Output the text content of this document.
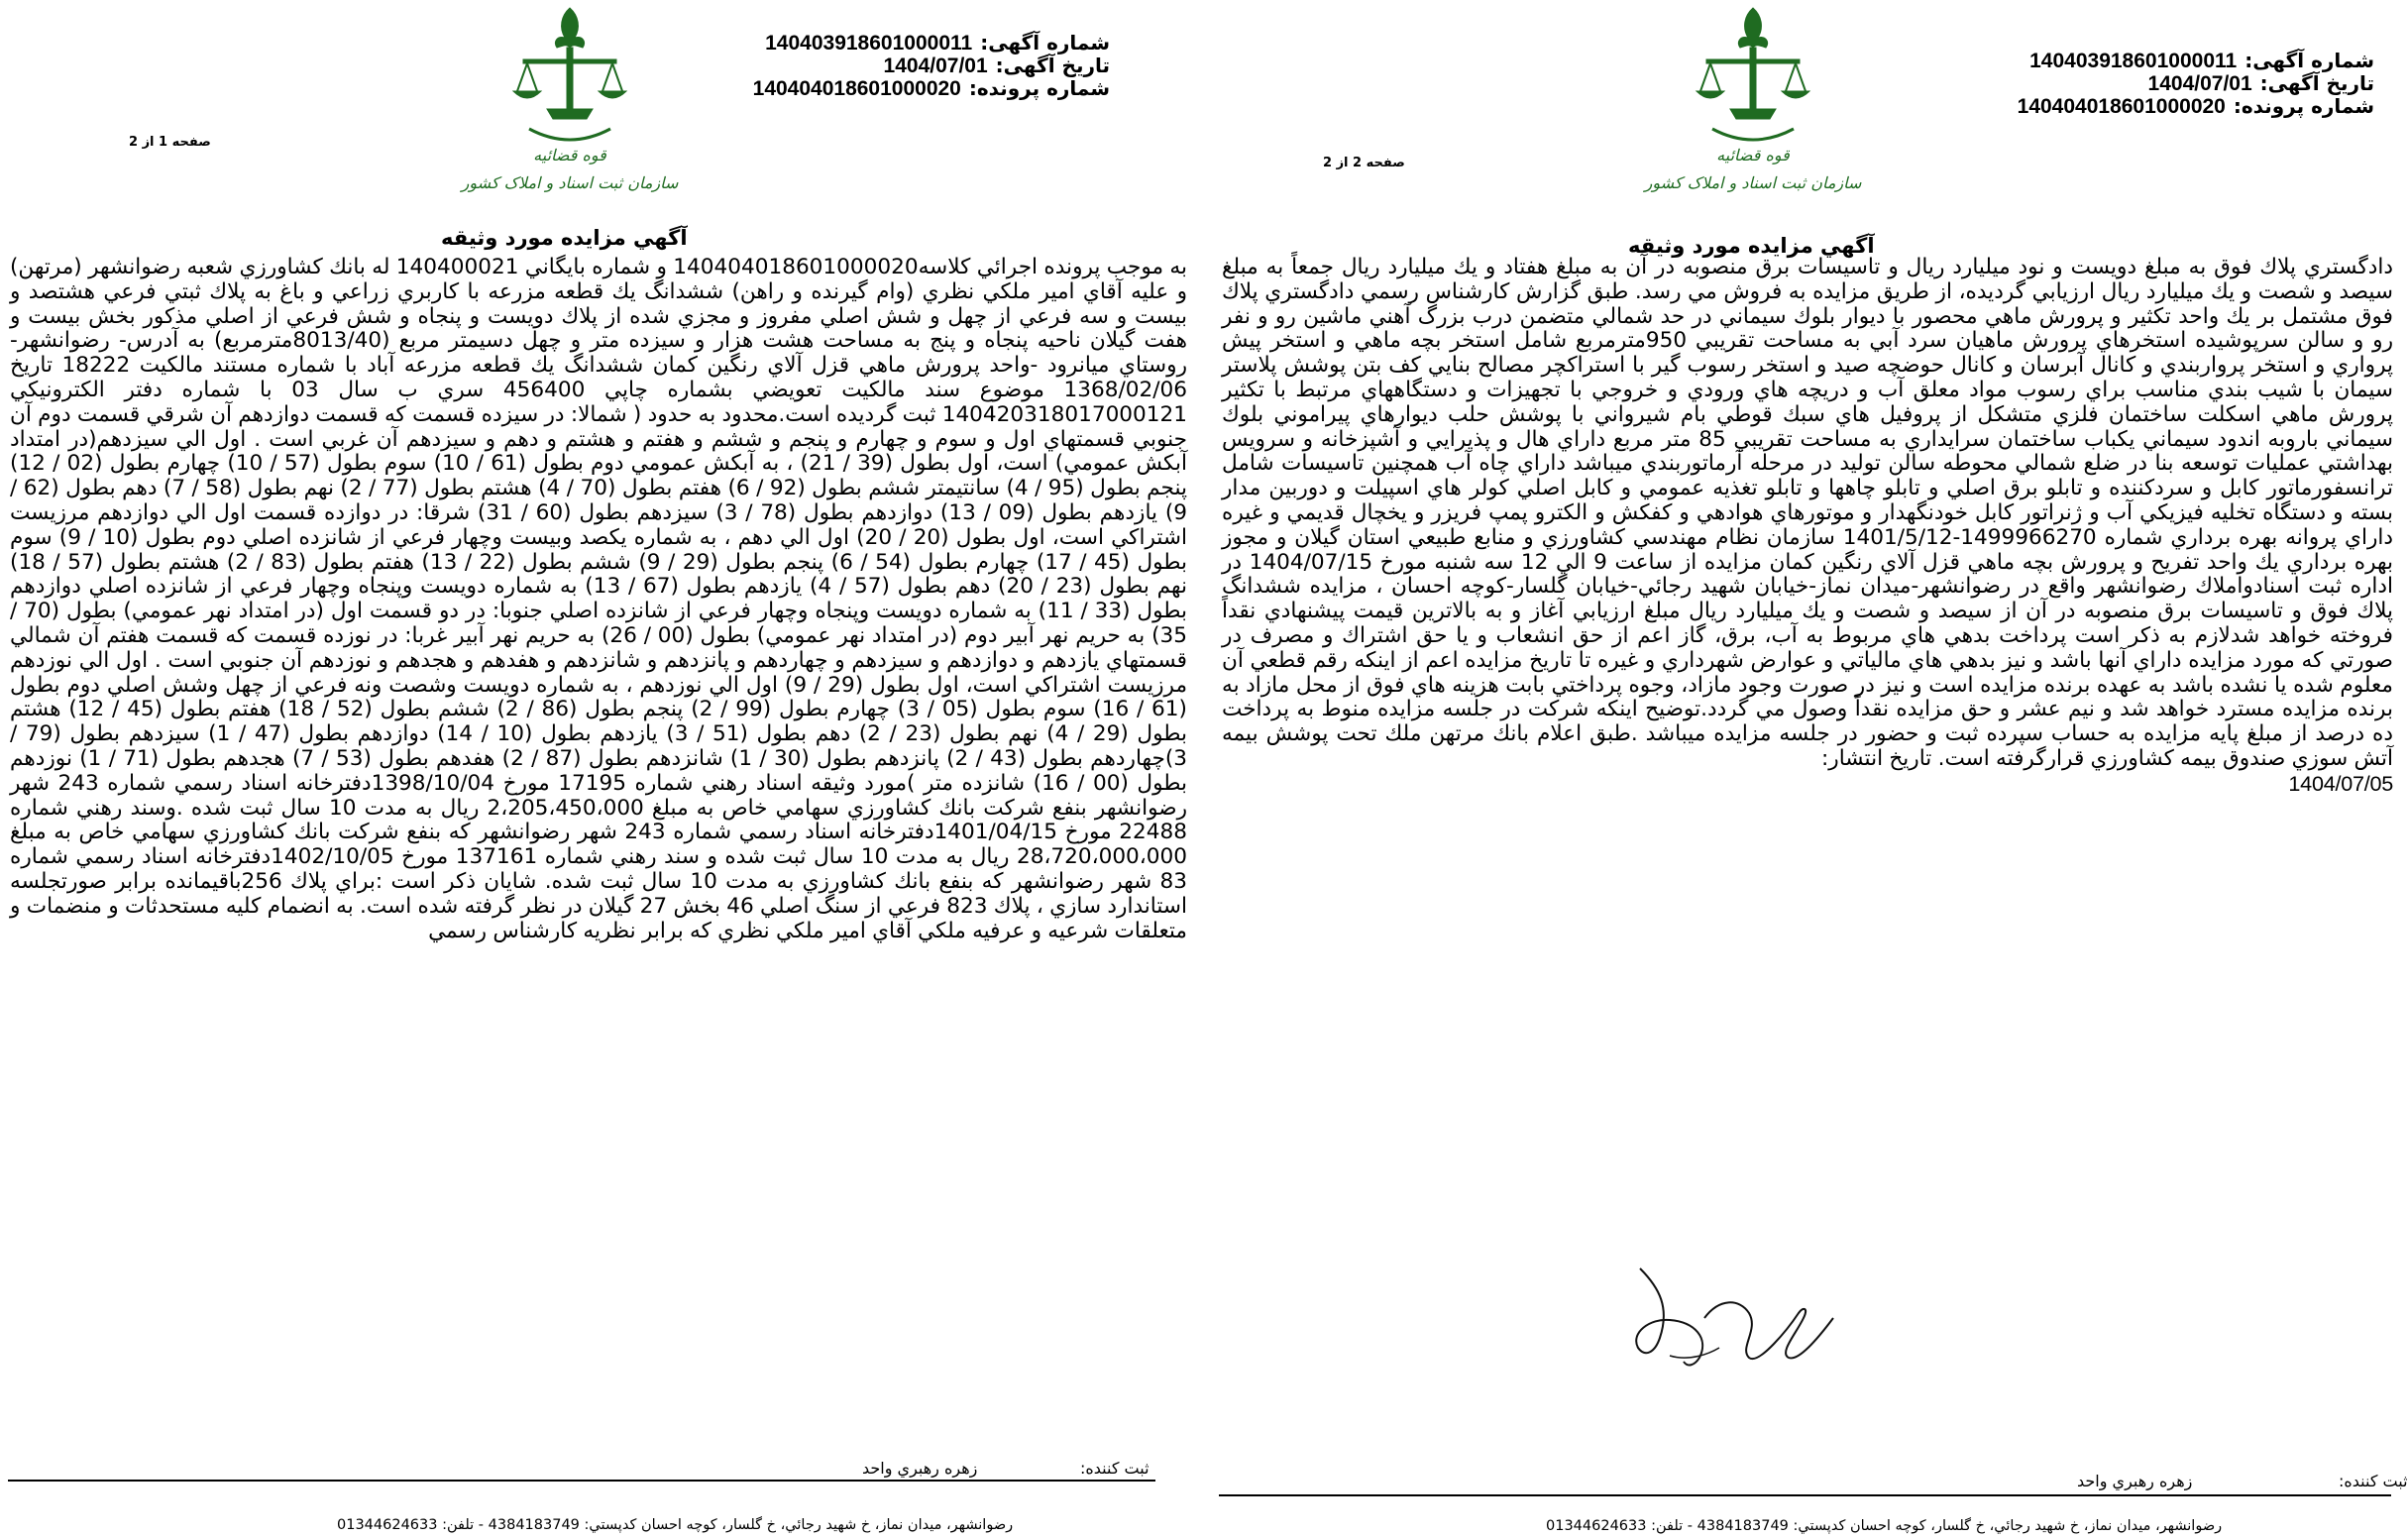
قوه قضائیه
سازمان ثبت اسناد و املاک کشور
شماره آگهی:140403918601000011
تاریخ آگهی:1404/07/01
شماره پرونده:140404018601000020
صفحه 1 از 2
آگهي مزايده مورد وثيقه
به موجب پرونده اجرائي كلاسه140404018601000020 و شماره بايگاني 140400021 له بانك كشاورزي شعبه رضوانشهر (مرتهن) و عليه آقاي امير ملكي نظري (وام گيرنده و راهن) ششدانگ يك قطعه مزرعه با كاربري زراعي و باغ به پلاك ثبتي فرعي هشتصد و بيست و سه فرعي از چهل و شش اصلي مفروز و مجزي شده از پلاك دويست و پنجاه و شش فرعي از اصلي مذكور بخش بيست و هفت گيلان ناحيه پنجاه و پنج به مساحت هشت هزار و سيزده متر و چهل دسيمتر مربع (8013/40مترمربع) به آدرس- رضوانشهر- روستاي ميانرود -واحد پرورش ماهي قزل آلاي رنگين كمان ششدانگ يك قطعه مزرعه آباد با شماره مستند مالكيت 18222 تاريخ 1368/02/06 موضوع سند مالكيت تعويضي بشماره چاپي 456400 سري ب سال 03 با شماره دفتر الكترونيكي 140420318017000121 ثبت گرديده است.محدود به حدود ( شمالا: در سيزده قسمت كه قسمت دوازدهم آن شرقي قسمت دوم آن جنوبي قسمتهاي اول و سوم و چهارم و پنجم و ششم و هفتم و هشتم و دهم و سيزدهم آن غربي است . اول الي سيزدهم(در امتداد آبكش عمومي) است، اول بطول (39 / 21) ، به آبكش عمومي دوم بطول (61 / 10) سوم بطول (57 / 10) چهارم بطول (02 / 12) پنجم بطول (95 / 4) سانتيمتر ششم بطول (92 / 6) هفتم بطول (70 / 4) هشتم بطول (77 / 2) نهم بطول (58 / 7) دهم بطول (62 / 9) يازدهم بطول (09 / 13) دوازدهم بطول (78 / 3) سيزدهم بطول (60 / 31) شرقا: در دوازده قسمت اول الي دوازدهم مرزيست اشتراكي است، اول بطول (20 / 20) اول الي دهم ، به شماره يكصد وبيست وچهار فرعي از شانزده اصلي دوم بطول (10 / 9) سوم بطول (45 / 17) چهارم بطول (54 / 6) پنجم بطول (29 / 9) ششم بطول (22 / 13) هفتم بطول (83 / 2) هشتم بطول (57 / 18) نهم بطول (23 / 20) دهم بطول (57 / 4) يازدهم بطول (67 / 13) به شماره دويست وپنجاه وچهار فرعي از شانزده اصلي دوازدهم بطول (33 / 11) به شماره دويست وپنجاه وچهار فرعي از شانزده اصلي جنوبا: در دو قسمت اول (در امتداد نهر عمومي) بطول (70 / 35) به حريم نهر آبير دوم (در امتداد نهر عمومي) بطول (00 / 26) به حريم نهر آبير غربا: در نوزده قسمت كه قسمت هفتم آن شمالي قسمتهاي يازدهم و دوازدهم و سيزدهم و چهاردهم و پانزدهم و شانزدهم و هفدهم و هجدهم و نوزدهم آن جنوبي است . اول الي نوزدهم مرزيست اشتراكي است، اول بطول (29 / 9) اول الي نوزدهم ، به شماره دويست وشصت ونه فرعي از چهل وشش اصلي دوم بطول (61 / 16) سوم بطول (05 / 3) چهارم بطول (99 / 2) پنجم بطول (86 / 2) ششم بطول (52 / 18) هفتم بطول (45 / 12) هشتم بطول (29 / 4) نهم بطول (23 / 2) دهم بطول (51 / 3) يازدهم بطول (10 / 14) دوازدهم بطول (47 / 1) سيزدهم بطول (79 / 3)چهاردهم بطول (43 / 2) پانزدهم بطول (30 / 1) شانزدهم بطول (87 / 2) هفدهم بطول (53 / 7) هجدهم بطول (71 / 1) نوزدهم بطول (00 / 16) شانزده متر )مورد وثيقه اسناد رهني شماره 17195 مورخ 1398/10/04دفترخانه اسناد رسمي شماره 243 شهر رضوانشهر بنفع شركت بانك كشاورزي سهامي خاص به مبلغ 2،205،450،000 ريال به مدت 10 سال ثبت شده .وسند رهني شماره 22488 مورخ 1401/04/15دفترخانه اسناد رسمي شماره 243 شهر رضوانشهر كه بنفع شركت بانك كشاورزي سهامي خاص به مبلغ 28،720،000،000 ريال به مدت 10 سال ثبت شده و سند رهني شماره 137161 مورخ 1402/10/05دفترخانه اسناد رسمي شماره 83 شهر رضوانشهر كه بنفع بانك كشاورزي به مدت 10 سال ثبت شده. شايان ذكر است :براي پلاك 256باقيمانده برابر صورتجلسه استاندارد سازي ، پلاك 823 فرعي از سنگ اصلي 46 بخش 27 گيلان در نظر گرفته شده است. به انضمام كليه مستحدثات و منضمات و متعلقات شرعيه و عرفيه ملكي آقاي امير ملكي نظري كه برابر نظريه كارشناس رسمي
ثبت کننده:
زهره رهبري واحد
رضوانشهر، میدان نماز، خ شهید رجائي، خ گلسار، کوچه احسان کدپستي: 4384183749 - تلفن: 01344624633
قوه قضائیه
سازمان ثبت اسناد و املاک کشور
شماره آگهی:140403918601000011
تاریخ آگهی:1404/07/01
شماره پرونده:140404018601000020
صفحه 2 از 2
آگهي مزايده مورد وثيقه
دادگستري پلاك فوق به مبلغ دويست و نود ميليارد ريال و تاسيسات برق منصوبه در آن به مبلغ هفتاد و يك ميليارد ريال جمعاً به مبلغ سيصد و شصت و يك ميليارد ريال ارزيابي گرديده، از طريق مزايده به فروش مي رسد. طبق گزارش كارشناس رسمي دادگستري پلاك فوق مشتمل بر يك واحد تكثير و پرورش ماهي محصور با ديوار بلوك سيماني در حد شمالي متضمن درب بزرگ آهني ماشين رو و نفر رو و سالن سرپوشيده استخرهاي پرورش ماهيان سرد آبي به مساحت تقريبي 950مترمربع شامل استخر بچه ماهي و استخر پيش پرواري و استخر پرواربندي و كانال آبرسان و كانال حوضچه صيد و استخر رسوب گير با استراكچر مصالح بنايي كف بتن پوشش پلاستر سيمان با شيب بندي مناسب براي رسوب مواد معلق آب و دريچه هاي ورودي و خروجي با تجهيزات و دستگاههاي مرتبط با تكثير پرورش ماهي اسكلت ساختمان فلزي متشكل از پروفيل هاي سبك قوطي بام شيرواني با پوشش حلب ديوارهاي پيراموني بلوك سيماني باروبه اندود سيماني يكباب ساختمان سرايداري به مساحت تقريبي 85 متر مربع داراي هال و پذيرايي و آشپزخانه و سرويس بهداشتي عمليات توسعه بنا در ضلع شمالي محوطه سالن توليد در مرحله آرماتوربندي ميباشد داراي چاه آب همچنين تاسيسات شامل ترانسفورماتور كابل و سردكننده و تابلو برق اصلي و تابلو چاهها و تابلو تغذيه عمومي و كابل اصلي كولر هاي اسپيلت و دوربين مدار بسته و دستگاه تخليه فيزيكي آب و ژنراتور كابل خودنگهدار و موتورهاي هوادهي و كفكش و الكترو پمپ فريزر و يخچال قديمي و غيره داراي پروانه بهره برداري شماره 1499966270-1401/5/12 سازمان نظام مهندسي كشاورزي و منابع طبيعي استان گيلان و مجوز بهره برداري يك واحد تفريح و پرورش بچه ماهي قزل آلاي رنگين كمان مزايده از ساعت 9 الي 12 سه شنبه مورخ 1404/07/15 در اداره ثبت اسنادواملاك رضوانشهر واقع در رضوانشهر-ميدان نماز-خيابان شهيد رجائي-خيابان گلسار-كوچه احسان ، مزايده ششدانگ پلاك فوق و تاسيسات برق منصوبه در آن از سيصد و شصت و يك ميليارد ريال مبلغ ارزيابي آغاز و به بالاترين قيمت پيشنهادي نقداً فروخته خواهد شدلازم به ذكر است پرداخت بدهي هاي مربوط به آب، برق، گاز اعم از حق انشعاب و يا حق اشتراك و مصرف در صورتي كه مورد مزايده داراي آنها باشد و نيز بدهي هاي مالياتي و عوارض شهرداري و غيره تا تاريخ مزايده اعم از اينكه رقم قطعي آن معلوم شده يا نشده باشد به عهده برنده مزايده است و نيز در صورت وجود مازاد، وجوه پرداختي بابت هزينه هاي فوق از محل مازاد به برنده مزايده مسترد خواهد شد و نيم عشر و حق مزايده نقداً وصول مي گردد.توضيح اينكه شركت در جلسه مزايده منوط به پرداخت ده درصد از مبلغ پايه مزايده به حساب سپرده ثبت و حضور در جلسه مزايده ميباشد .طبق اعلام بانك مرتهن ملك تحت پوشش بيمه آتش سوزي صندوق بيمه كشاورزي قرارگرفته است. تاريخ انتشار:
1404/07/05
ثبت کننده:
زهره رهبري واحد
رضوانشهر، میدان نماز، خ شهید رجائي، خ گلسار، کوچه احسان کدپستي: 4384183749 - تلفن: 01344624633
